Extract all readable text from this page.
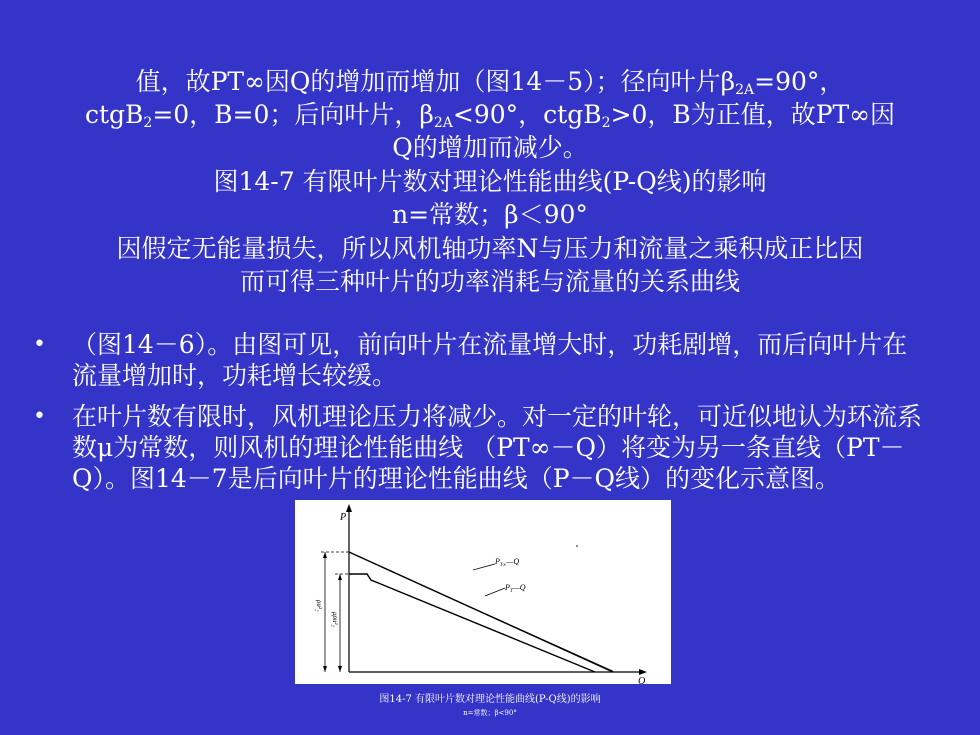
值，故PT∞因Q的增加而增加（图14－5）；径向叶片$\beta_{2A}=90^\circ$，
ctgB$_2$=0，B=0；后向叶片，$\beta_{2A}<90^\circ$，ctgB$_2$>0，B为正值，故PT∞因
Q的增加而减少。
图14-7 有限叶片数对理论性能曲线(P-Q线)的影响
n=常数；β＜90°
因假定无能量损失，所以风机轴功率N与压力和流量之乘积成正比因
而可得三种叶片的功率消耗与流量的关系曲线
• （图14－6）。由图可见，前向叶片在流量增大时，功耗剧增，而后向叶片在流量增加时，功耗增长较缓。
• 在叶片数有限时，风机理论压力将减少。对一定的叶轮，可近似地认为环流系数μ为常数，则风机的理论性能曲线 （PT∞－Q）将变为另一条直线（PT－Q）。图14－7是后向叶片的理论性能曲线（P－Q线）的变化示意图。
P
Q
ρu²₂
μρu²₂
$P_{T\infty}—Q$
$P_T—Q$
图14-7 有限叶片数对理论性能曲线(P-Q线)的影响
n=常数；β<90°
